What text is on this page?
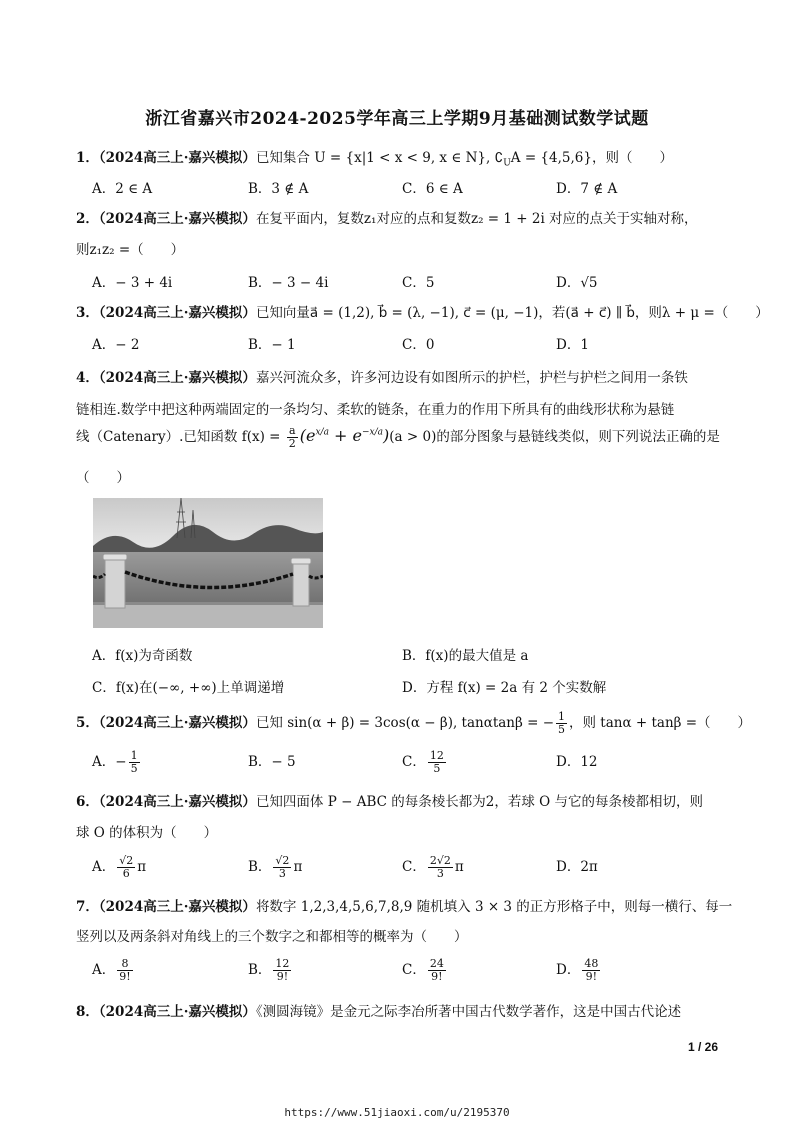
浙江省嘉兴市2024-2025学年高三上学期9月基础测试数学试题
1．（2024高三上·嘉兴模拟）已知集合 U = {x|1 < x < 9, x ∈ N}, $∁_UA = \{4,5,6\}$，则（　　）
A．2 ∈ A	B．3 ∉ A	C．6 ∈ A	D．7 ∉ A
2．（2024高三上·嘉兴模拟）在复平面内，复数z₁对应的点和复数z₂ = 1 + 2i 对应的点关于实轴对称，
则z₁z₂ =（　　）
A．− 3 + 4i	B．− 3 − 4i	C．5	D．√5
3．（2024高三上·嘉兴模拟）已知向量a⃗ = (1,2), b⃗ = (λ, −1), c⃗ = (μ, −1)，若(a⃗ + c⃗) ∥ b⃗，则λ + μ =（　　）
A．− 2	B．− 1	C．0	D．1
4．（2024高三上·嘉兴模拟）嘉兴河流众多，许多河边设有如图所示的护栏，护栏与护栏之间用一条铁
链相连.数学中把这种两端固定的一条均匀、柔软的链条，在重力的作用下所具有的曲线形状称为悬链
线（Catenary）.已知函数 $f(x) = \frac{a}{2} (e^{x/a} + e^{-x/a})(a > 0)$的部分图象与悬链线类似，则下列说法正确的是
（　　）
A．f(x)为奇函数	B．f(x)的最大值是 a
C．f(x)在(−∞, +∞)上单调递增	D．方程 f(x) = 2a 有 2 个实数解
5．（2024高三上·嘉兴模拟）已知 sin(α + β) = 3cos(α − β), tanαtanβ = − $\frac{1}{5}$ ，则 tanα + tanβ =（　　）
A．− $\frac{1}{5}$	B．− 5	C． $\frac{12}{5}$	D．12
6．（2024高三上·嘉兴模拟）已知四面体 P − ABC 的每条棱长都为2，若球 O 与它的每条棱都相切，则
球 O 的体积为（　　）
A． $\frac{√2}{6}$ π	B． $\frac{√2}{3}$ π	C． $\frac{2√2}{3}$ π	D．2π
7．（2024高三上·嘉兴模拟）将数字 1,2,3,4,5,6,7,8,9 随机填入 3 × 3 的正方形格子中，则每一横行、每一
竖列以及两条斜对角线上的三个数字之和都相等的概率为（　　）
A． $\frac{8}{9!}$	B． $\frac{12}{9!}$	C． $\frac{24}{9!}$	D． $\frac{48}{9!}$
8．（2024高三上·嘉兴模拟）《测圆海镜》是金元之际李冶所著中国古代数学著作，这是中国古代论述
1 / 26
https://www.51jiaoxi.com/u/2195370
